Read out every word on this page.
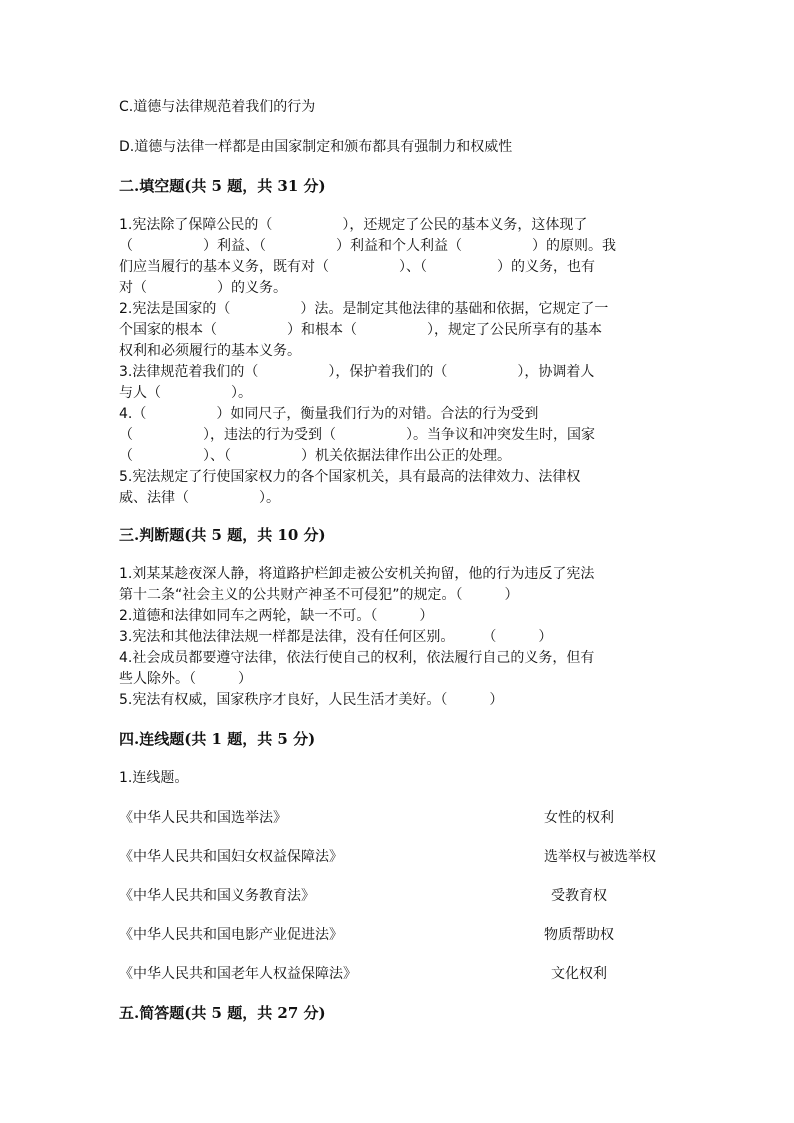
C.道德与法律规范着我们的行为
D.道德与法律一样都是由国家制定和颁布都具有强制力和权威性
二.填空题(共 5 题，共 31 分)
1.宪法除了保障公民的（　　　　　），还规定了公民的基本义务，这体现了
（　　　　　）利益、（　　　　　）利益和个人利益（　　　　　）的原则。我
们应当履行的基本义务，既有对（　　　　　）、（　　　　　）的义务，也有
对（　　　　　）的义务。
2.宪法是国家的（　　　　　）法。是制定其他法律的基础和依据，它规定了一
个国家的根本（　　　　　）和根本（　　　　　），规定了公民所享有的基本
权利和必须履行的基本义务。
3.法律规范着我们的（　　　　　），保护着我们的（　　　　　），协调着人
与人（　　　　　）。
4.（　　　　　）如同尺子，衡量我们行为的对错。合法的行为受到
（　　　　　），违法的行为受到（　　　　　）。当争议和冲突发生时，国家
（　　　　　）、（　　　　　）机关依据法律作出公正的处理。
5.宪法规定了行使国家权力的各个国家机关，具有最高的法律效力、法律权
威、法律（　　　　　）。
三.判断题(共 5 题，共 10 分)
1.刘某某趁夜深人静，将道路护栏卸走被公安机关拘留，他的行为违反了宪法
第十二条“社会主义的公共财产神圣不可侵犯”的规定。（　　　）
2.道德和法律如同车之两轮，缺一不可。（　　　）
3.宪法和其他法律法规一样都是法律，没有任何区别。　　　（　　　）
4.社会成员都要遵守法律，依法行使自己的权利，依法履行自己的义务，但有
些人除外。（　　　）
5.宪法有权威，国家秩序才良好，人民生活才美好。（　　　）
四.连线题(共 1 题，共 5 分)
1.连线题。
《中华人民共和国选举法》	女性的权利
《中华人民共和国妇女权益保障法》	选举权与被选举权
《中华人民共和国义务教育法》	受教育权
《中华人民共和国电影产业促进法》	物质帮助权
《中华人民共和国老年人权益保障法》	文化权利
五.简答题(共 5 题，共 27 分)
